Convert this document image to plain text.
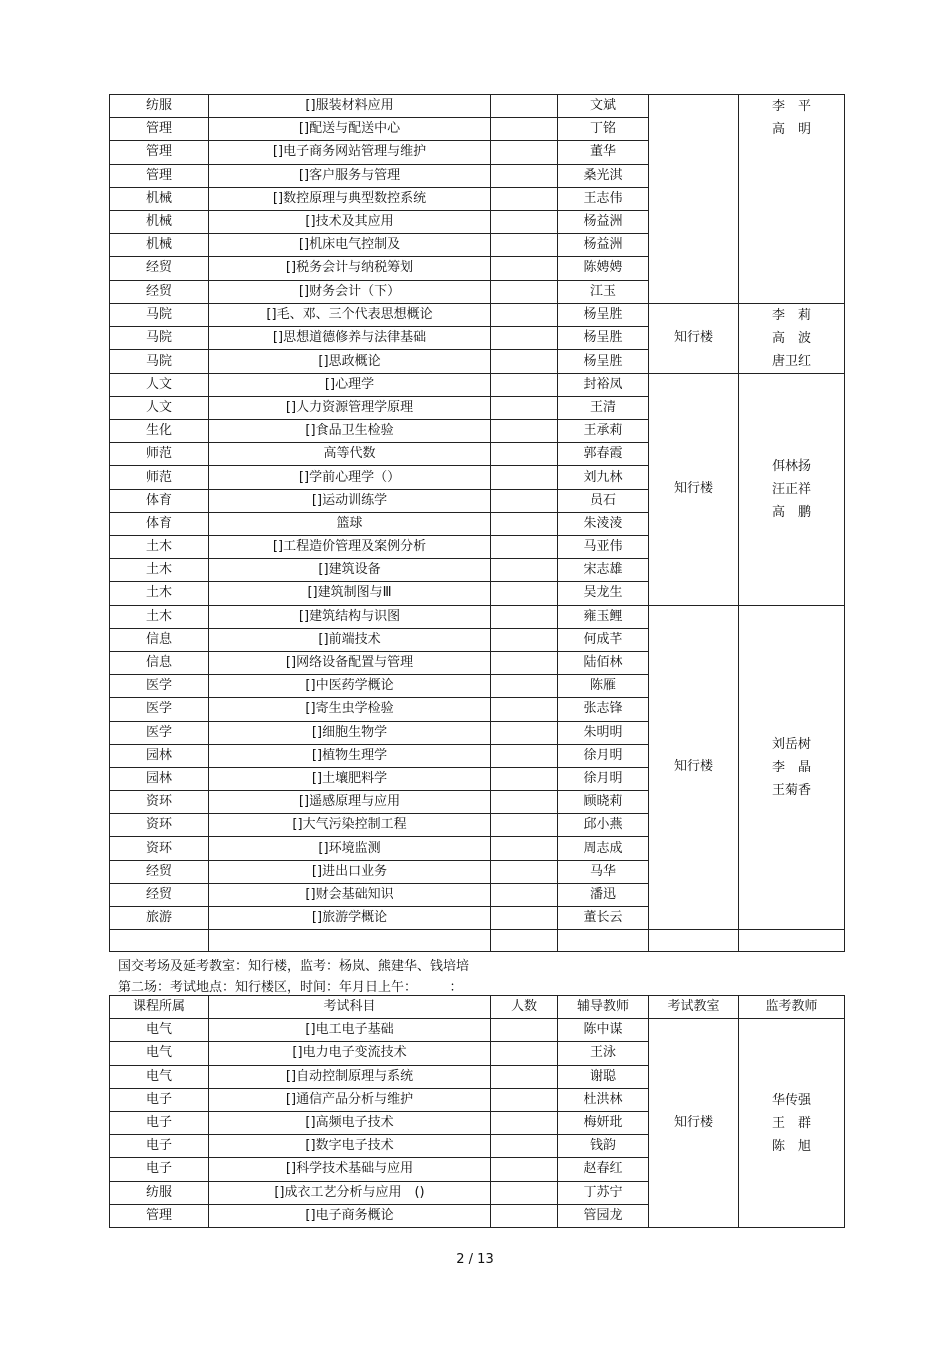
纺服	[]服装材料应用		文斌		李　平
高　明

管理	[]配送与配送中心		丁铭		
管理	[]电子商务网站管理与维护		董华		
管理	[]客户服务与管理		桑光淇		
机械	[]数控原理与典型数控系统		王志伟		
机械	[]技术及其应用		杨益洲		
机械	[]机床电气控制及		杨益洲		
经贸	[]税务会计与纳税筹划		陈娉娉		
经贸	[]财务会计（下）		江玉		
马院	[]毛、邓、三个代表思想概论		杨呈胜	知行楼	李　莉
高　波
唐卫红

马院	[]思想道德修养与法律基础		杨呈胜		
马院	[]思政概论		杨呈胜		
人文	[]心理学		封裕凤	知行楼	佴林扬
汪正祥
高　鹏

人文	[]人力资源管理学原理		王清		
生化	[]食品卫生检验		王承莉		
师范	高等代数		郭春霞		
师范	[]学前心理学（）		刘九林		
体育	[]运动训练学		员石		
体育	篮球		朱淩淩		
土木	[]工程造价管理及案例分析		马亚伟		
土木	[]建筑设备		宋志雄		
土木	[]建筑制图与Ⅲ		吴龙生		
土木	[]建筑结构与识图		雍玉鲤	知行楼	刘岳树
李　晶
王菊香

信息	[]前端技术		何成芊		
信息	[]网络设备配置与管理		陆佰林		
医学	[]中医药学概论		陈雁		
医学	[]寄生虫学检验		张志锋		
医学	[]细胞生物学		朱明明		
园林	[]植物生理学		徐月明		
园林	[]土壤肥料学		徐月明		
资环	[]遥感原理与应用		顾晓莉		
资环	[]大气污染控制工程		邱小燕		
资环	[]环境监测		周志成		
经贸	[]进出口业务		马华		
经贸	[]财会基础知识		潘迅		
旅游	[]旅游学概论		董长云		

国交考场及延考教室：知行楼，监考：杨岚、熊建华、钱培培
第二场：考试地点：知行楼区，时间：年月日上午：　　　：
课程所属	考试科目	人数	辅导教师	考试教室	监考教师
电气	[]电工电子基础		陈中谋	知行楼	华传强
王　群
陈　旭

电气	[]电力电子变流技术		王泳		
电气	[]自动控制原理与系统		谢聪		
电子	[]通信产品分析与维护		杜洪林		
电子	[]高频电子技术		梅妍玭		
电子	[]数字电子技术		钱韵		
电子	[]科学技术基础与应用		赵春红		
纺服	[]成衣工艺分析与应用　()		丁苏宁		
管理	[]电子商务概论		管园龙		
2 / 13
